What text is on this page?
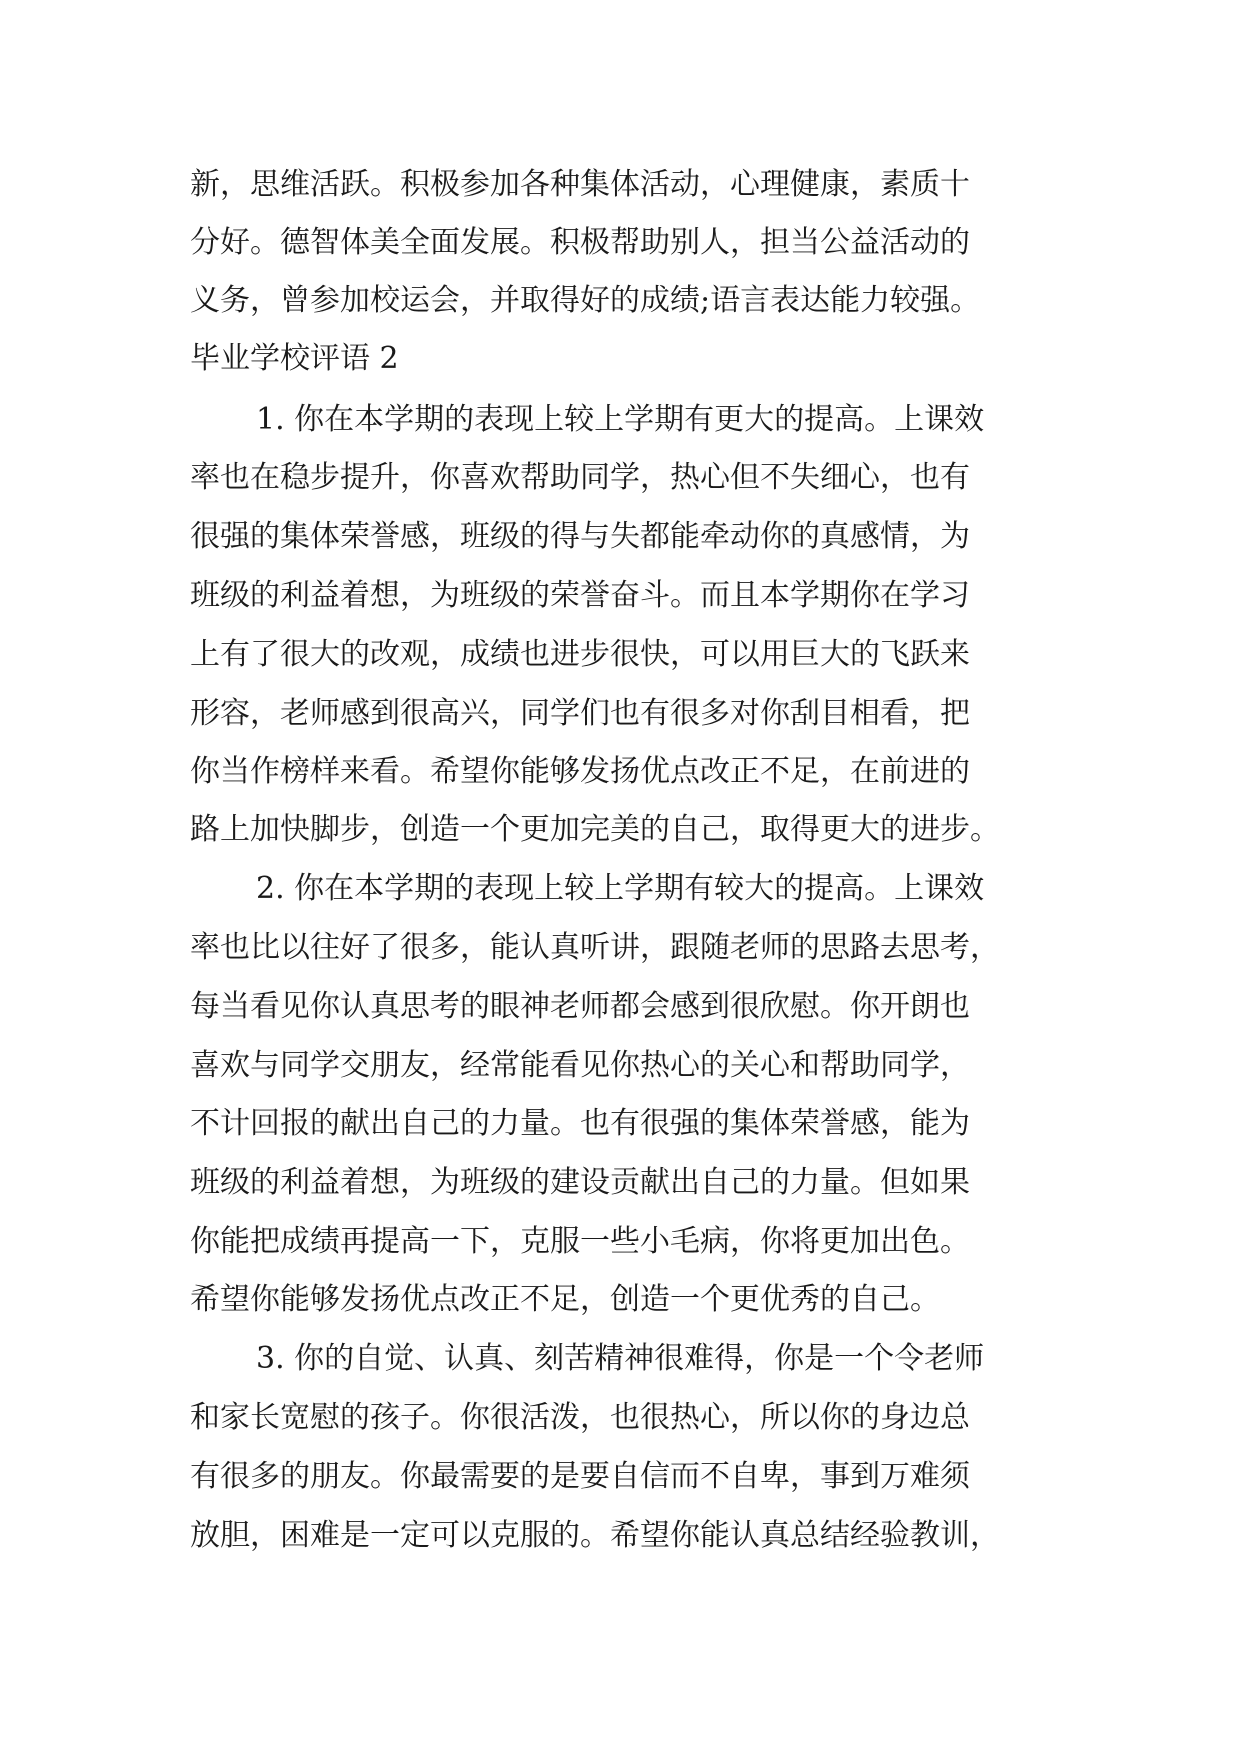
新，思维活跃。积极参加各种集体活动，心理健康，素质十
分好。德智体美全面发展。积极帮助别人，担当公益活动的
义务，曾参加校运会，并取得好的成绩;语言表达能力较强。
毕业学校评语 2
1. 你在本学期的表现上较上学期有更大的提高。上课效
率也在稳步提升，你喜欢帮助同学，热心但不失细心，也有
很强的集体荣誉感，班级的得与失都能牵动你的真感情，为
班级的利益着想，为班级的荣誉奋斗。而且本学期你在学习
上有了很大的改观，成绩也进步很快，可以用巨大的飞跃来
形容，老师感到很高兴，同学们也有很多对你刮目相看，把
你当作榜样来看。希望你能够发扬优点改正不足，在前进的
路上加快脚步，创造一个更加完美的自己，取得更大的进步。
2. 你在本学期的表现上较上学期有较大的提高。上课效
率也比以往好了很多，能认真听讲，跟随老师的思路去思考，
每当看见你认真思考的眼神老师都会感到很欣慰。你开朗也
喜欢与同学交朋友，经常能看见你热心的关心和帮助同学，
不计回报的献出自己的力量。也有很强的集体荣誉感，能为
班级的利益着想，为班级的建设贡献出自己的力量。但如果
你能把成绩再提高一下，克服一些小毛病，你将更加出色。
希望你能够发扬优点改正不足，创造一个更优秀的自己。
3. 你的自觉、认真、刻苦精神很难得，你是一个令老师
和家长宽慰的孩子。你很活泼，也很热心，所以你的身边总
有很多的朋友。你最需要的是要自信而不自卑，事到万难须
放胆，困难是一定可以克服的。希望你能认真总结经验教训，
